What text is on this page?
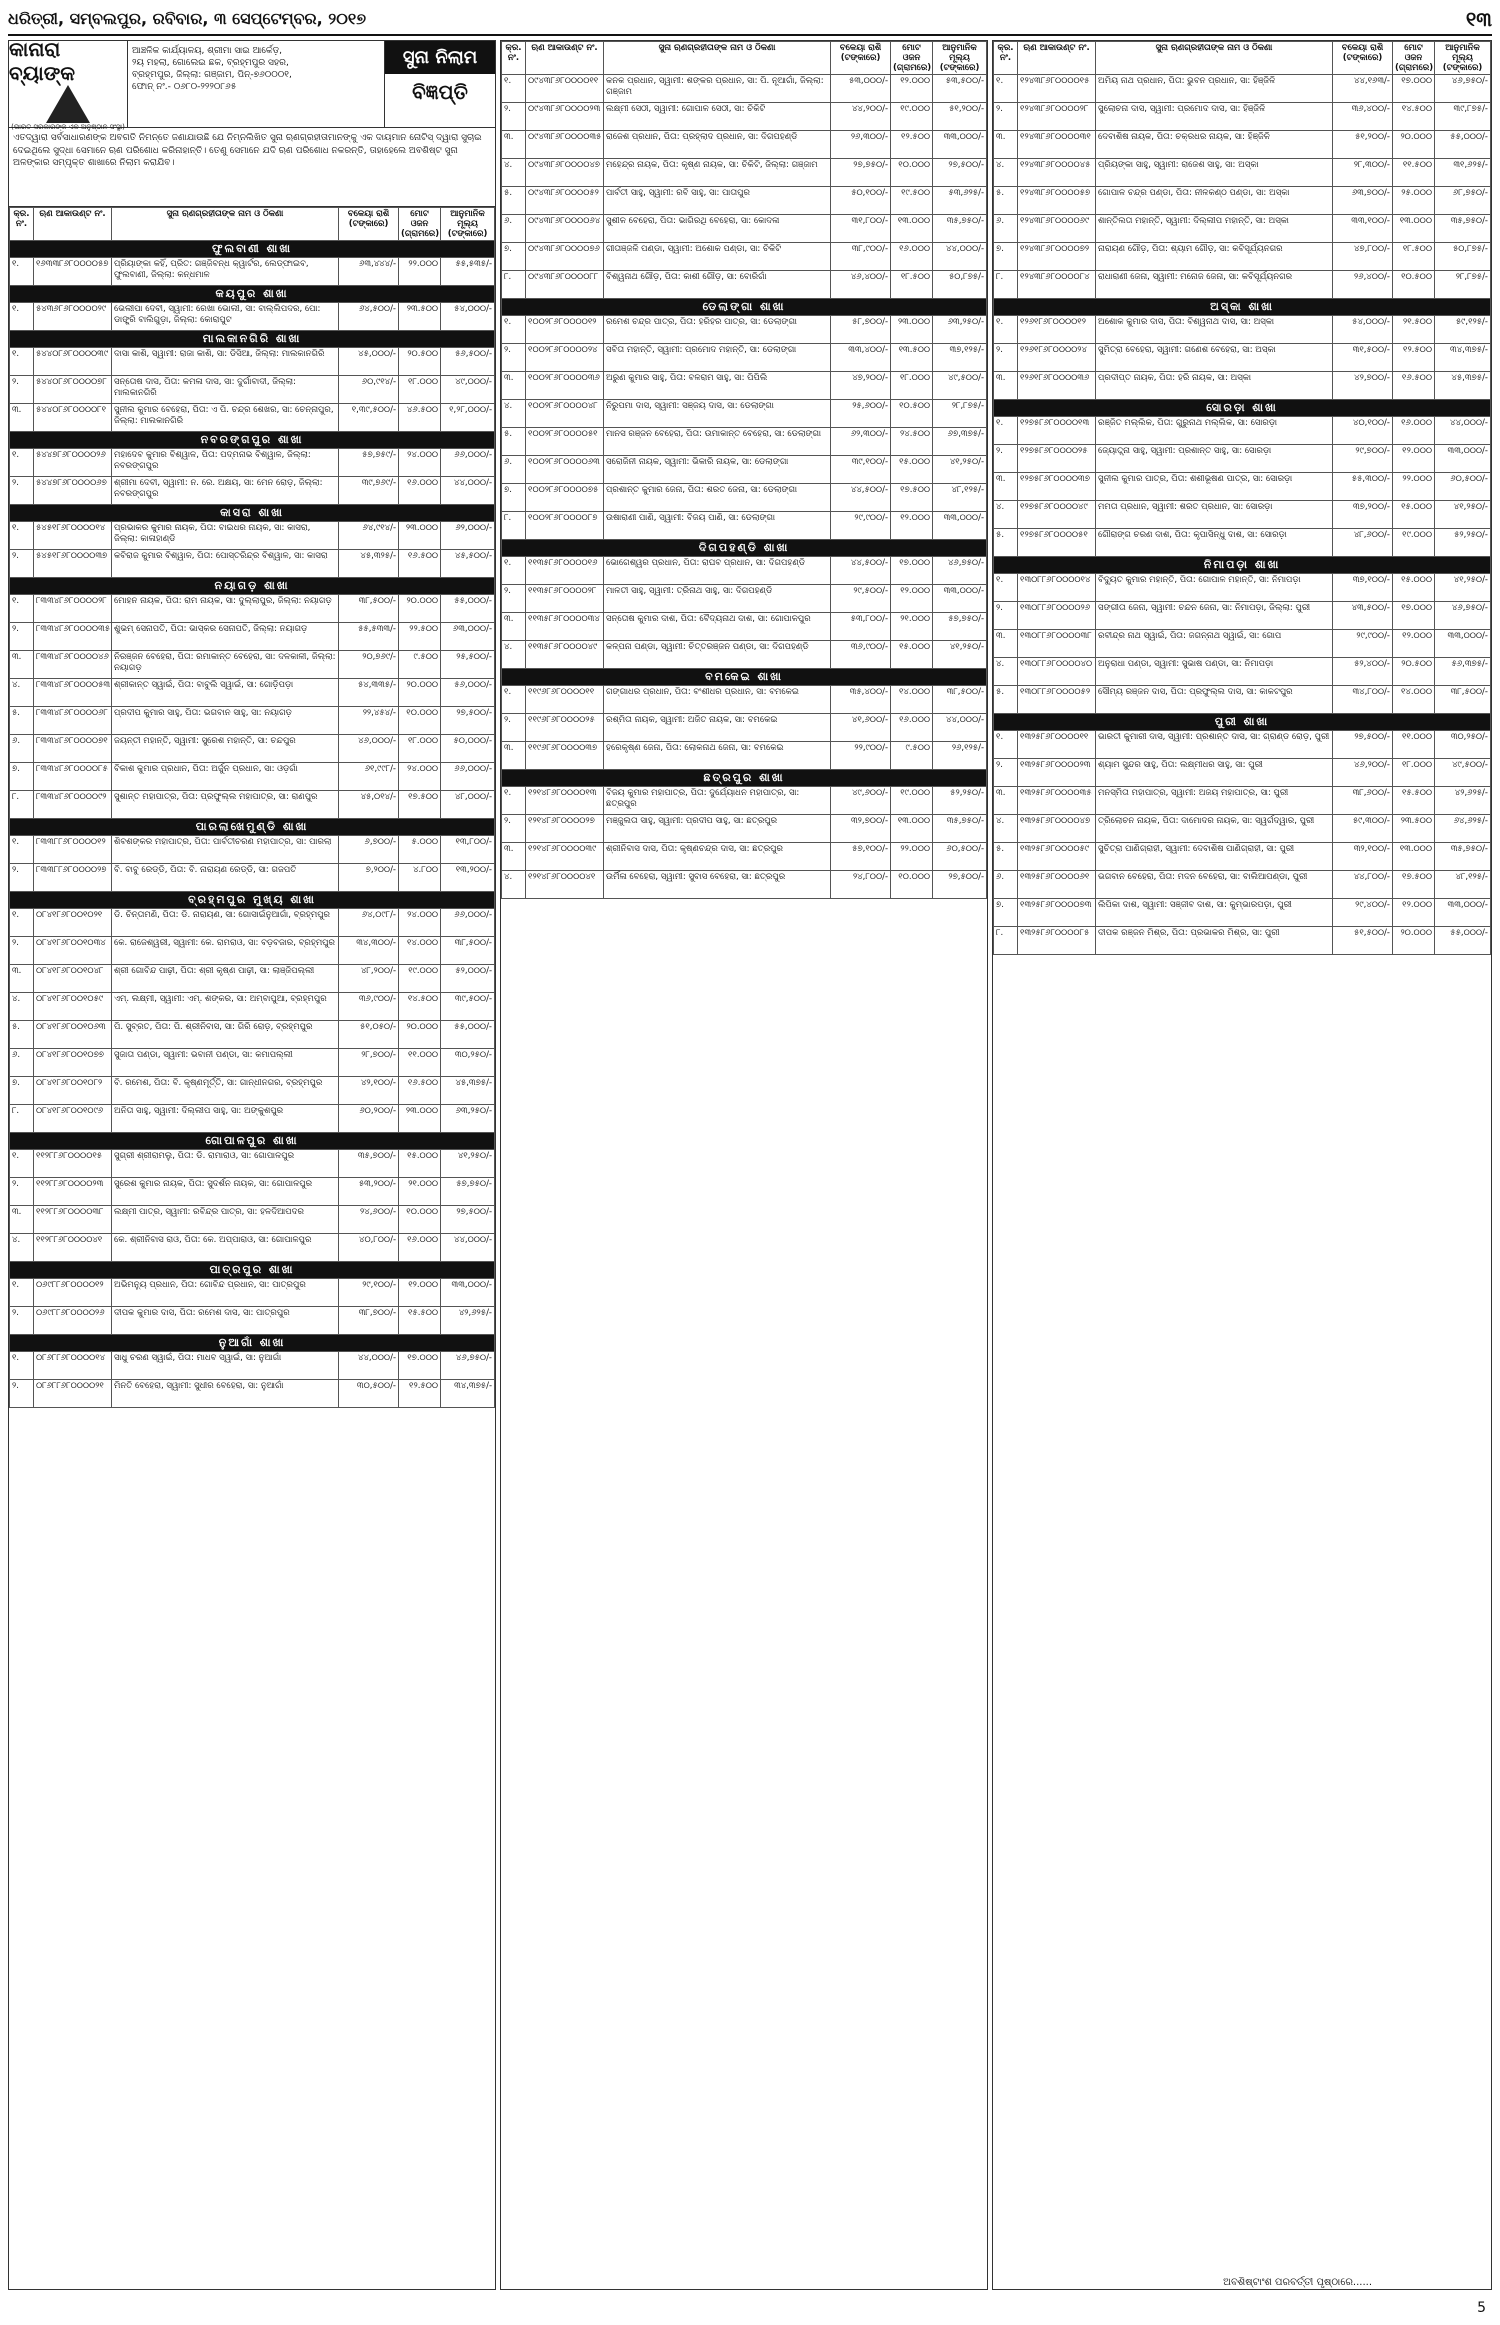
ଧରିତ୍ରୀ, ସମ୍ବଲପୁର, ରବିବାର, ୩ ସେପ୍ଟେମ୍ବର, ୨୦୧୭	୧୩
କାନାରା ବ୍ୟାଙ୍କ
(ଭାରତ ସରକାରଙ୍କ ଏକ ଅନୁଷ୍ଠାନ ସଂସ୍ଥା)
ଆଞ୍ଚଳିକ କାର୍ଯ୍ୟାଳୟ, ଶ୍ରୀମା ସାଇ ଆର୍କେଡ଼,
୨ୟ ମହଲା, ଗୋଲେଇ ଛକ, ବ୍ରହ୍ମପୁର ସହର,
ବ୍ରହ୍ମପୁର, ଜିଲ୍ଲା: ଗଞ୍ଜାମ, ପିନ୍-୭୬୦୦୦୧,
ଫୋନ୍ ନଂ.- ୦୬୮୦-୨୨୨୦୮୬୫
ସୁନା ନିଲାମ
ବିଜ୍ଞପ୍ତି
ଏତଦ୍ୱାରା ସର୍ବସାଧାରଣଙ୍କ ଅବଗତି ନିମନ୍ତେ ଜଣାଯାଉଛି ଯେ ନିମ୍ନଲିଖିତ ସୁନା ଋଣଗ୍ରହୀତାମାନଙ୍କୁ ଏକ ଦାୟମାନ ନୋଟିସ୍ ଦ୍ୱାରା ସୁଚାଇ ଦେଇଥିଲେ ସୁଦ୍ଧା ସେମାନେ ଋଣ ପରିଶୋଧ କରିନାହାନ୍ତି। ତେଣୁ ସେମାନେ ଯଦି ଋଣ ପରିଶୋଧ ନକରନ୍ତି, ତାହାହେଲେ ଅବଶିଷ୍ଟ ସୁନା ଅଳଙ୍କାର ସମ୍ପୃକ୍ତ ଶାଖାରେ ନିଲାମ କରାଯିବ।
କ୍ର. ନଂ.	ଋଣ ଆକାଉଣ୍ଟ ନଂ.	ସୁନା ଋଣଗ୍ରହୀତାଙ୍କ ନାମ ଓ ଠିକଣା	ବକେୟା ରାଶି (ଟଙ୍କାରେ)	ମୋଟ ଓଜନ (ଗ୍ରାମରେ)	ଆନୁମାନିକ ମୂଲ୍ୟ (ଟଙ୍କାରେ)
ଫୁଲବାଣୀ ଶାଖା					
୧.	୧୬୩୩୮୬୮୦୦୦୦୫୭	ପ୍ରିୟାଙ୍କା କହିଁ, ପ୍ରିତ: ଗଞ୍ଜିବନ୍ଧ କ୍ୱାର୍ଟର, ଲେଡ୍‌ଫାଇବ, ଫୁଲବାଣୀ, ଜିଲ୍ଲା: କନ୍ଧମାଳ	୬୩,୪୪୪/-	୨୨.୦୦୦	୫୫,୫୩୫/-
କୟପୁର ଶାଖା					
୧.	୫୪୩୬୮୬୮୦୦୦୦୨୯	ଭେଲୀପା ଦେବୀ, ସ୍ୱାମୀ: ରେଖା ଭୋଲୀ, ସା: ବାଲ୍ଲିପଦର, ପୋ: ଡାଙ୍ଗ୍ରି ବାଲିଗୁଡ଼ା, ଜିଲ୍ଲା: କୋରାପୁଟ	୬୪,୫୦୦/-	୨୩.୫୦୦	୫୪,୦୦୦/-
ମାଲକାନଗିରି ଶାଖା					
୧.	୫୪୪୦୮୬୮୦୦୦୦୩୯	ଦାସା କାଶି, ସ୍ୱାମୀ: ରାଜା କାଶି, ସା: ଡିସିଆ, ଜିଲ୍ଲା: ମାଲକାନଗିରି	୪୫,୦୦୦/-	୨୦.୫୦୦	୫୬,୫୦୦/-
୨.	୫୪୪୦୮୬୮୦୦୦୦୭୮	ସନ୍ତୋଷ ଦାସ, ପିତା: କମଳା ଦାସ, ସା: ଦୁର୍ଗାବାଦୀ, ଜିଲ୍ଲା: ମାଲକାନଗିରି	୬୦,୯୧୪/-	୧୮.୦୦୦	୪୯,୦୦୦/-
୩.	୫୪୪୦୮୬୮୦୦୦୦୮୧	ସୁନୀଲ କୁମାର ବେହେରା, ପିତା: ଏ ପି. ଚନ୍ଦ୍ର ଶେଖର, ସା: ଚେନ୍ନାପୁର, ଜିଲ୍ଲା: ମାଲକାନଗିରି	୧,୩୯,୫୦୦/-	୪୬.୫୦୦	୧,୨୮,୦୦୦/-
ନବରଙ୍ଗପୁର ଶାଖା					
୧.	୫୪୪୭୮୬୮୦୦୦୦୨୬	ମହାଦେବ କୁମାର ବିଶ୍ୱାଳ, ପିତା: ପଦ୍ମନାଭ ବିଶ୍ୱାଳ, ଜିଲ୍ଲା: ନବରଙ୍ଗପୁର	୫୭,୭୫୯/-	୨୪.୦୦୦	୬୬,୦୦୦/-
୨.	୫୪୪୭୮୬୮୦୦୦୦୬୭	ଶ୍ରୀମା ଦେବୀ, ସ୍ୱାମୀ: ନ. ରେ. ଅକ୍ଷୟ, ସା: ମେନ ରୋଡ଼, ଜିଲ୍ଲା: ନବରଙ୍ଗପୁର	୩୯,୭୬୯/-	୧୬.୦୦୦	୪୪,୦୦୦/-
କାସରା ଶାଖା					
୧.	୫୪୫୧୮୬୮୦୦୦୦୧୪	ପ୍ରଭାକର କୁମାର ନାୟକ, ପିତା: ବାଇଧର ନାୟକ, ସା: କାସରା, ଜିଲ୍ଲା: କାଳାହାଣ୍ଡି	୬୪,୯୧୪/-	୨୩.୦୦୦	୬୨,୦୦୦/-
୨.	୫୪୫୧୮୬୮୦୦୦୦୩୭	କବିରାଜ କୁମାର ବିଶ୍ୱାଳ, ପିତା: ପୋସ୍ତରିନ୍ଦ୍ର ବିଶ୍ୱାଳ, ସା: କାସରା	୪୫,୩୨୫/-	୧୬.୫୦୦	୪୫,୫୦୦/-
ନୟାଗଡ଼ ଶାଖା					
୧.	୮୩୩୪୮୬୮୦୦୦୦୨୮	ମୋହନ ନାୟକ, ପିତା: ରାମ ନାୟକ, ସା: ଦୁଲ୍ଲାପୁର, ଜିଲ୍ଲା: ନୟାଗଡ଼	୩୮,୫୦୦/-	୨୦.୦୦୦	୫୫,୦୦୦/-
୨.	୮୩୩୪୮୬୮୦୦୦୦୩୫	ଶୁଭମ୍ ସେନାପତି, ପିତା: ଭାସ୍କର ସେନାପତି, ଜିଲ୍ଲା: ନୟାଗଡ଼	୫୫,୫୩୩/-	୨୨.୫୦୦	୬୩,୦୦୦/-
୩.	୮୩୩୪୮୬୮୦୦୦୦୪୬	ନିରଞ୍ଜନ ବେହେରା, ପିତା: ରମାକାନ୍ତ ବେହେରା, ସା: ଦଳକାଳୀ, ଜିଲ୍ଲା: ନୟାଗଡ଼	୨୦,୭୬୯/-	୯.୫୦୦	୨୫,୫୦୦/-
୪.	୮୩୩୪୮୬୮୦୦୦୦୫୩	ଶ୍ରୀକାନ୍ତ ସ୍ୱାଇଁ, ପିତା: ବାବୁଲି ସ୍ୱାଇଁ, ସା: ଗୋଡ଼ିପଡ଼ା	୫୪,୩୩୫/-	୨୦.୦୦୦	୫୬,୦୦୦/-
୫.	୮୩୩୪୮୬୮୦୦୦୦୬୮	ପ୍ରଦୀପ କୁମାର ସାହୁ, ପିତା: ଭଗବାନ ସାହୁ, ସା: ନୟାଗଡ଼	୨୨,୪୫୪/-	୧୦.୦୦୦	୨୭,୫୦୦/-
୬.	୮୩୩୪୮୬୮୦୦୦୦୭୧	ଜୟନ୍ତୀ ମହାନ୍ତି, ସ୍ୱାମୀ: ସୁରେଶ ମହାନ୍ତି, ସା: ଚନ୍ଦପୁର	୪୬,୦୦୦/-	୧୮.୦୦୦	୫୦,୦୦୦/-
୭.	୮୩୩୪୮୬୮୦୦୦୦୮୫	ବିକାଶ କୁମାର ପ୍ରଧାନ, ପିତା: ଅର୍ଜୁନ ପ୍ରଧାନ, ସା: ଓଡ଼ଗାଁ	୬୧,୯୯୮/-	୨୪.୦୦୦	୬୬,୦୦୦/-
୮.	୮୩୩୪୮୬୮୦୦୦୦୯୨	ସୁଶାନ୍ତ ମହାପାତ୍ର, ପିତା: ପ୍ରଫୁଲ୍ଲ ମହାପାତ୍ର, ସା: ରାଣପୁର	୪୫,୦୧୪/-	୧୭.୫୦୦	୪୮,୦୦୦/-
ପାରଲାଖେମୁଣ୍ଡି ଶାଖା					
୧.	୮୩୩୮୮୬୮୦୦୦୦୧୨	ଶିବଶଙ୍କର ମହାପାତ୍ର, ପିତା: ପାର୍ବତୀଚରଣ ମହାପାତ୍ର, ସା: ପାରଲା	୬,୭୦୦/-	୫.୦୦୦	୧୩,୮୦୦/-
୨.	୮୩୩୮୮୬୮୦୦୦୦୨୭	ବି. ବାବୁ ରେଡ୍ଡି, ପିତା: ବି. ନାରାୟଣ ରେଡ୍ଡି, ସା: ଗଜପତି	୭,୨୦୦/-	୪.୮୦୦	୧୩,୨୦୦/-
ବ୍ରହ୍ମପୁର ମୁଖ୍ୟ ଶାଖା					
୧.	୦୮୪୧୮୬୮୦୦୧୦୨୧	ଡି. ଚିନ୍ତାମଣି, ପିତା: ଡି. ନାରାୟଣ, ସା: ଗୋସାଇଁନୁଆଗାଁ, ବ୍ରହ୍ମପୁର	୬୪,୦୯୮/-	୨୪.୦୦୦	୬୬,୦୦୦/-
୨.	୦୮୪୧୮୬୮୦୦୧୦୩୪	କେ. ରାଜେଶ୍ୱରୀ, ସ୍ୱାମୀ: କେ. ରାମରାଓ, ସା: ବଡ଼ବଜାର, ବ୍ରହ୍ମପୁର	୩୪,୩୦୦/-	୧୪.୦୦୦	୩୮,୫୦୦/-
୩.	୦୮୪୧୮୬୮୦୦୧୦୪୮	ଶ୍ରୀ ଗୋବିନ୍ଦ ପାଢ଼ୀ, ପିତା: ଶ୍ରୀ କୃଷ୍ଣ ପାଢ଼ୀ, ସା: ଲାଞ୍ଜିପଲ୍ଲୀ	୪୮,୨୦୦/-	୧୯.୦୦୦	୫୨,୦୦୦/-
୪.	୦୮୪୧୮୬୮୦୦୧୦୫୯	ଏମ୍. ଲକ୍ଷ୍ମୀ, ସ୍ୱାମୀ: ଏମ୍. ଶଙ୍କର, ସା: ଅମ୍ବାପୁଆ, ବ୍ରହ୍ମପୁର	୩୬,୯୦୦/-	୧୪.୫୦୦	୩୯,୫୦୦/-
୫.	୦୮୪୧୮୬୮୦୦୧୦୬୩	ପି. ସୁବ୍ରତ, ପିତା: ପି. ଶ୍ରୀନିବାସ, ସା: ଗିରି ରୋଡ଼, ବ୍ରହ୍ମପୁର	୫୧,୦୫୦/-	୨୦.୦୦୦	୫୫,୦୦୦/-
୬.	୦୮୪୧୮୬୮୦୦୧୦୭୭	ସୁଜାତା ପଣ୍ଡା, ସ୍ୱାମୀ: ଭବାନୀ ପଣ୍ଡା, ସା: କମାପଲ୍ଲୀ	୨୮,୭୦୦/-	୧୧.୦୦୦	୩୦,୨୫୦/-
୭.	୦୮୪୧୮୬୮୦୦୧୦୮୨	ବି. ରମେଶ, ପିତା: ବି. କୃଷ୍ଣମୂର୍ତ୍ତି, ସା: ଗାନ୍ଧୀନଗର, ବ୍ରହ୍ମପୁର	୪୨,୧୦୦/-	୧୬.୫୦୦	୪୫,୩୭୫/-
୮.	୦୮୪୧୮୬୮୦୦୧୦୯୬	ଅନିତା ସାହୁ, ସ୍ୱାମୀ: ଦିଲ୍ଲୀପ ସାହୁ, ସା: ଅଙ୍କୁଶପୁର	୬୦,୨୦୦/-	୨୩.୦୦୦	୬୩,୨୫୦/-
ଗୋପାଳପୁର ଶାଖା					
୧.	୧୧୨୮୮୬୮୦୦୦୦୧୫	ସୁଗ୍ରୀ ଶ୍ରୀରାମଲୁ, ପିତା: ଡି. ରାମାରାଓ, ସା: ଗୋପାଳପୁର	୩୫,୭୦୦/-	୧୫.୦୦୦	୪୧,୨୫୦/-
୨.	୧୧୨୮୮୬୮୦୦୦୦୨୩	ସୁରେଶ କୁମାର ନାୟକ, ପିତା: ସୁଦର୍ଶନ ନାୟକ, ସା: ଗୋପାଳପୁର	୫୩,୨୦୦/-	୨୧.୦୦୦	୫୭,୭୫୦/-
୩.	୧୧୨୮୮୬୮୦୦୦୦୩୮	ଲକ୍ଷ୍ମୀ ପାତ୍ର, ସ୍ୱାମୀ: ରବିନ୍ଦ୍ର ପାତ୍ର, ସା: ହଳଦିଆପଦର	୨୪,୬୦୦/-	୧୦.୦୦୦	୨୭,୫୦୦/-
୪.	୧୧୨୮୮୬୮୦୦୦୦୪୧	କେ. ଶ୍ରୀନିବାସ ରାଓ, ପିତା: କେ. ଅପ୍ପାରାଓ, ସା: ଗୋପାଳପୁର	୪୦,୮୦୦/-	୧୬.୦୦୦	୪୪,୦୦୦/-
ପାତ୍ରପୁର ଶାଖା					
୧.	୦୬୯୮୮୬୮୦୦୦୦୧୨	ଅଭିମନ୍ୟୁ ପ୍ରଧାନ, ପିତା: ଗୋବିନ୍ଦ ପ୍ରଧାନ, ସା: ପାତ୍ରପୁର	୨୯,୧୦୦/-	୧୨.୦୦୦	୩୩,୦୦୦/-
୨.	୦୬୯୮୮୬୮୦୦୦୦୨୬	ଦୀପକ କୁମାର ଦାସ, ପିତା: ରମେଶ ଦାସ, ସା: ପାତ୍ରପୁର	୩୮,୭୦୦/-	୧୫.୫୦୦	୪୨,୬୨୫/-
ନୁଆଗାଁ ଶାଖା					
୧.	୦୮୬୮୮୬୮୦୦୦୦୧୪	ସାଧୁ ଚରଣ ସ୍ୱାଇଁ, ପିତା: ମାଧବ ସ୍ୱାଇଁ, ସା: ନୁଆଗାଁ	୪୪,୦୦୦/-	୧୭.୦୦୦	୪୬,୭୫୦/-
୨.	୦୮୬୮୮୬୮୦୦୦୦୨୧	ମିନତି ବେହେରା, ସ୍ୱାମୀ: ସୁଧୀର ବେହେରା, ସା: ନୁଆଗାଁ	୩୦,୫୦୦/-	୧୨.୫୦୦	୩୪,୩୭୫/-
କ୍ର. ନଂ.	ଋଣ ଆକାଉଣ୍ଟ ନଂ.	ସୁନା ଋଣଗ୍ରହୀତାଙ୍କ ନାମ ଓ ଠିକଣା	ବକେୟା ରାଶି (ଟଙ୍କାରେ)	ମୋଟ ଓଜନ (ଗ୍ରାମରେ)	ଆନୁମାନିକ ମୂଲ୍ୟ (ଟଙ୍କାରେ)
୧.	୦୯୪୩୮୬୮୦୦୦୦୧୧	କନକ ପ୍ରଧାନ, ସ୍ୱାମୀ: ଶଙ୍କର ପ୍ରଧାନ, ସା: ପି. ନୂଆଗାଁ, ଜିଲ୍ଲା: ଗଞ୍ଜାମ	୫୩,୦୦୦/-	୧୨.୦୦୦	୫୩,୫୦୦/-
୨.	୦୯୪୩୮୬୮୦୦୦୦୨୩	ଲକ୍ଷ୍ମୀ ସେଠୀ, ସ୍ୱାମୀ: ଗୋପାଳ ସେଠୀ, ସା: ଚିକିଟି	୪୪,୨୦୦/-	୧୯.୦୦୦	୫୧,୨୦୦/-
୩.	୦୯୪୩୮୬୮୦୦୦୦୩୫	ରାଜେଶ ପ୍ରଧାନ, ପିତା: ପ୍ରହ୍ଲାଦ ପ୍ରଧାନ, ସା: ଦିଗପହଣ୍ଡି	୨୬,୩୦୦/-	୧୨.୫୦୦	୩୩,୦୦୦/-
୪.	୦୯୪୩୮୬୮୦୦୦୦୪୭	ମହେନ୍ଦ୍ର ନାୟକ, ପିତା: କୃଷ୍ଣ ନାୟକ, ସା: ଚିକିଟି, ଜିଲ୍ଲା: ଗଞ୍ଜାମ	୨୭,୭୫୦/-	୧୦.୦୦୦	୨୭,୫୦୦/-
୫.	୦୯୪୩୮୬୮୦୦୦୦୫୨	ପାର୍ବତୀ ସାହୁ, ସ୍ୱାମୀ: ରବି ସାହୁ, ସା: ପାତାପୁର	୫୦,୧୦୦/-	୧୯.୫୦୦	୫୩,୬୨୫/-
୬.	୦୯୪୩୮୬୮୦୦୦୦୬୪	ସୁଶୀଳ ବେହେରା, ପିତା: ଭାଗିରଥି ବେହେରା, ସା: କୋଦଳା	୩୧,୮୦୦/-	୧୩.୦୦୦	୩୫,୭୫୦/-
୭.	୦୯୪୩୮୬୮୦୦୦୦୭୬	ଗୀତାଞ୍ଜଳି ପଣ୍ଡା, ସ୍ୱାମୀ: ଅଶୋକ ପଣ୍ଡା, ସା: ଚିକିଟି	୩୮,୯୦୦/-	୧୬.୦୦୦	୪୪,୦୦୦/-
୮.	୦୯୪୩୮୬୮୦୦୦୦୮୮	ବିଶ୍ୱନାଥ ଗୌଡ଼, ପିତା: କାଶୀ ଗୌଡ଼, ସା: ବୋରିଗାଁ	୪୬,୪୦୦/-	୧୮.୫୦୦	୫୦,୮୭୫/-
ଡେଲାଙ୍ଗା ଶାଖା					
୧.	୧୦୦୨୮୬୮୦୦୦୦୧୨	ରମେଶ ଚନ୍ଦ୍ର ପାତ୍ର, ପିତା: ହରିହର ପାତ୍ର, ସା: ଡେଲାଙ୍ଗା	୫୮,୭୦୦/-	୨୩.୦୦୦	୬୩,୨୫୦/-
୨.	୧୦୦୨୮୬୮୦୦୦୦୨୪	ସବିତା ମହାନ୍ତି, ସ୍ୱାମୀ: ପ୍ରମୋଦ ମହାନ୍ତି, ସା: ଡେଲାଙ୍ଗା	୩୩,୪୦୦/-	୧୩.୫୦୦	୩୭,୧୨୫/-
୩.	୧୦୦୨୮୬୮୦୦୦୦୩୬	ଅରୁଣ କୁମାର ସାହୁ, ପିତା: ବଳରାମ ସାହୁ, ସା: ପିପିଲି	୪୭,୨୦୦/-	୧୮.୦୦୦	୪୯,୫୦୦/-
୪.	୧୦୦୨୮୬୮୦୦୦୦୪୮	ନିରୁପମା ଦାସ, ସ୍ୱାମୀ: ସଞ୍ଜୟ ଦାସ, ସା: ଡେଲାଙ୍ଗା	୨୫,୬୦୦/-	୧୦.୫୦୦	୨୮,୮୭୫/-
୫.	୧୦୦୨୮୬୮୦୦୦୦୫୧	ମାନସ ରଞ୍ଜନ ବେହେରା, ପିତା: ଉମାକାନ୍ତ ବେହେରା, ସା: ଡେଲାଙ୍ଗା	୬୨,୩୦୦/-	୨୪.୫୦୦	୬୭,୩୭୫/-
୬.	୧୦୦୨୮୬୮୦୦୦୦୬୩	ସରୋଜିନୀ ନାୟକ, ସ୍ୱାମୀ: ଭିକାରି ନାୟକ, ସା: ଡେଲାଙ୍ଗା	୩୯,୧୦୦/-	୧୫.୦୦୦	୪୧,୨୫୦/-
୭.	୧୦୦୨୮୬୮୦୦୦୦୭୫	ପ୍ରଶାନ୍ତ କୁମାର ଜେନା, ପିତା: ଶରତ ଜେନା, ସା: ଡେଲାଙ୍ଗା	୪୪,୫୦୦/-	୧୭.୫୦୦	୪୮,୧୨୫/-
୮.	୧୦୦୨୮୬୮୦୦୦୦୮୭	ଉଷାରାଣୀ ପାଣି, ସ୍ୱାମୀ: ବିଜୟ ପାଣି, ସା: ଡେଲାଙ୍ଗା	୨୯,୯୦୦/-	୧୨.୦୦୦	୩୩,୦୦୦/-
ଦିଗପହଣ୍ଡି ଶାଖା					
୧.	୧୧୩୫୮୬୮୦୦୦୦୧୬	ଭୋଗେଶ୍ୱର ପ୍ରଧାନ, ପିତା: ରାଘବ ପ୍ରଧାନ, ସା: ଦିଗପହଣ୍ଡି	୪୪,୫୦୦/-	୧୭.୦୦୦	୪୬,୭୫୦/-
୨.	୧୧୩୫୮୬୮୦୦୦୦୨୮	ମାଳତୀ ସାହୁ, ସ୍ୱାମୀ: ତ୍ରିନାଥ ସାହୁ, ସା: ଦିଗପହଣ୍ଡି	୨୯,୫୦୦/-	୧୨.୦୦୦	୩୩,୦୦୦/-
୩.	୧୧୩୫୮୬୮୦୦୦୦୩୪	ସନ୍ତୋଷ କୁମାର ଦାଶ, ପିତା: ବୈଦ୍ୟନାଥ ଦାଶ, ସା: ଗୋପାଳପୁର	୫୩,୮୦୦/-	୨୧.୦୦୦	୫୭,୭୫୦/-
୪.	୧୧୩୫୮୬୮୦୦୦୦୪୯	କଳ୍ପନା ପଣ୍ଡା, ସ୍ୱାମୀ: ଚିତ୍ତରଞ୍ଜନ ପଣ୍ଡା, ସା: ଦିଗପହଣ୍ଡି	୩୬,୯୦୦/-	୧୫.୦୦୦	୪୧,୨୫୦/-
ବମକେଇ ଶାଖା					
୧.	୧୧୯୬୮୬୮୦୦୦୦୧୧	ଗଙ୍ଗାଧର ପ୍ରଧାନ, ପିତା: ବଂଶୀଧର ପ୍ରଧାନ, ସା: ବମକେଇ	୩୫,୪୦୦/-	୧୪.୦୦୦	୩୮,୫୦୦/-
୨.	୧୧୯୬୮୬୮୦୦୦୦୨୫	ରଶ୍ମିତା ନାୟକ, ସ୍ୱାମୀ: ଅଜିତ ନାୟକ, ସା: ବମକେଇ	୪୧,୬୦୦/-	୧୬.୦୦୦	୪୪,୦୦୦/-
୩.	୧୧୯୬୮୬୮୦୦୦୦୩୭	ହରେକୃଷ୍ଣ ଜେନା, ପିତା: ଲୋକନାଥ ଜେନା, ସା: ବମକେଇ	୨୨,୯୦୦/-	୯.୫୦୦	୨୬,୧୨୫/-
ଛତ୍ରପୁର ଶାଖା					
୧.	୧୨୧୪୮୬୮୦୦୦୦୧୩	ବିଜୟ କୁମାର ମହାପାତ୍ର, ପିତା: ଦୁର୍ଯ୍ୟୋଧନ ମହାପାତ୍ର, ସା: ଛତ୍ରପୁର	୪୯,୬୦୦/-	୧୯.୦୦୦	୫୨,୨୫୦/-
୨.	୧୨୧୪୮୬୮୦୦୦୦୨୭	ମଞ୍ଜୁଲତା ସାହୁ, ସ୍ୱାମୀ: ପ୍ରଦୀପ ସାହୁ, ସା: ଛତ୍ରପୁର	୩୨,୭୦୦/-	୧୩.୦୦୦	୩୫,୭୫୦/-
୩.	୧୨୧୪୮୬୮୦୦୦୦୩୯	ଶ୍ରୀନିବାସ ଦାସ, ପିତା: କୃଷ୍ଣଚନ୍ଦ୍ର ଦାସ, ସା: ଛତ୍ରପୁର	୫୭,୧୦୦/-	୨୨.୦୦୦	୬୦,୫୦୦/-
୪.	୧୨୧୪୮୬୮୦୦୦୦୪୧	ଉର୍ମିଳା ବେହେରା, ସ୍ୱାମୀ: ସୁବାସ ବେହେରା, ସା: ଛତ୍ରପୁର	୨୪,୮୦୦/-	୧୦.୦୦୦	୨୭,୫୦୦/-
କ୍ର. ନଂ.	ଋଣ ଆକାଉଣ୍ଟ ନଂ.	ସୁନା ଋଣଗ୍ରହୀତାଙ୍କ ନାମ ଓ ଠିକଣା	ବକେୟା ରାଶି (ଟଙ୍କାରେ)	ମୋଟ ଓଜନ (ଗ୍ରାମରେ)	ଆନୁମାନିକ ମୂଲ୍ୟ (ଟଙ୍କାରେ)
୧.	୧୨୪୩୮୬୮୦୦୦୦୧୫	ଅମିୟ ନାଥ ପ୍ରଧାନ, ପିତା: ଭୁବନ ପ୍ରଧାନ, ସା: ହିଞ୍ଜିଳି	୪୪,୧୬୩/-	୧୭.୦୦୦	୪୬,୭୫୦/-
୨.	୧୨୪୩୮୬୮୦୦୦୦୨୮	ସୁଲୋଚନା ଦାସ, ସ୍ୱାମୀ: ପ୍ରମୋଦ ଦାସ, ସା: ହିଞ୍ଜିଳି	୩୬,୪୦୦/-	୧୪.୫୦୦	୩୯,୮୭୫/-
୩.	୧୨୪୩୮୬୮୦୦୦୦୩୧	ଦେବାଶିଷ ନାୟକ, ପିତା: ଚକ୍ରଧର ନାୟକ, ସା: ହିଞ୍ଜିଳି	୫୧,୨୦୦/-	୨୦.୦୦୦	୫୫,୦୦୦/-
୪.	୧୨୪୩୮୬୮୦୦୦୦୪୫	ପ୍ରିୟଙ୍କା ସାହୁ, ସ୍ୱାମୀ: ରାଜେଶ ସାହୁ, ସା: ଅସ୍କା	୨୮,୩୦୦/-	୧୧.୫୦୦	୩୧,୬୨୫/-
୫.	୧୨୪୩୮୬୮୦୦୦୦୫୭	ଗୋପାଳ ଚନ୍ଦ୍ର ପଣ୍ଡା, ପିତା: ନୀଳକଣ୍ଠ ପଣ୍ଡା, ସା: ଅସ୍କା	୬୩,୭୦୦/-	୨୫.୦୦୦	୬୮,୭୫୦/-
୬.	୧୨୪୩୮୬୮୦୦୦୦୬୯	ଶାନ୍ତିଲତା ମହାନ୍ତି, ସ୍ୱାମୀ: ଦିଲ୍ଲୀପ ମହାନ୍ତି, ସା: ଅସ୍କା	୩୩,୧୦୦/-	୧୩.୦୦୦	୩୫,୭୫୦/-
୭.	୧୨୪୩୮୬୮୦୦୦୦୭୨	ନାରାୟଣ ଗୌଡ଼, ପିତା: ଶ୍ୟାମ ଗୌଡ଼, ସା: କବିସୂର୍ଯ୍ୟନଗର	୪୭,୮୦୦/-	୧୮.୫୦୦	୫୦,୮୭୫/-
୮.	୧୨୪୩୮୬୮୦୦୦୦୮୪	ରାଧାରାଣୀ ଜେନା, ସ୍ୱାମୀ: ମନୋଜ ଜେନା, ସା: କବିସୂର୍ଯ୍ୟନଗର	୨୬,୪୦୦/-	୧୦.୫୦୦	୨୮,୮୭୫/-
ଅସ୍କା ଶାଖା					
୧.	୧୨୬୧୮୬୮୦୦୦୦୧୨	ଅଶୋକ କୁମାର ଦାସ, ପିତା: ବିଶ୍ୱନାଥ ଦାସ, ସା: ଅସ୍କା	୫୪,୦୦୦/-	୨୧.୫୦୦	୫୯,୧୨୫/-
୨.	୧୨୬୧୮୬୮୦୦୦୦୨୪	ସୁମିତ୍ରା ବେହେରା, ସ୍ୱାମୀ: ଗଣେଶ ବେହେରା, ସା: ଅସ୍କା	୩୧,୫୦୦/-	୧୨.୫୦୦	୩୪,୩୭୫/-
୩.	୧୨୬୧୮୬୮୦୦୦୦୩୬	ପ୍ରଦୀପ୍ତ ନାୟକ, ପିତା: ହରି ନାୟକ, ସା: ଅସ୍କା	୪୨,୭୦୦/-	୧୬.୫୦୦	୪୫,୩୭୫/-
ସୋରଡ଼ା ଶାଖା					
୧.	୧୨୭୫୮୬୮୦୦୦୦୧୩	ରଞ୍ଜିତ ମଲ୍ଲିକ, ପିତା: ଗୁରୁନାଥ ମଲ୍ଲିକ, ସା: ସୋରଡ଼ା	୪୦,୧୦୦/-	୧୬.୦୦୦	୪୪,୦୦୦/-
୨.	୧୨୭୫୮୬୮୦୦୦୦୨୫	ଜ୍ୟୋତ୍ସ୍ନା ସାହୁ, ସ୍ୱାମୀ: ପ୍ରଶାନ୍ତ ସାହୁ, ସା: ସୋରଡ଼ା	୨୯,୭୦୦/-	୧୨.୦୦୦	୩୩,୦୦୦/-
୩.	୧୨୭୫୮୬୮୦୦୦୦୩୭	ସୁନୀଲ କୁମାର ପାତ୍ର, ପିତା: ଶଶୀଭୂଷଣ ପାତ୍ର, ସା: ସୋରଡ଼ା	୫୫,୩୦୦/-	୨୨.୦୦୦	୬୦,୫୦୦/-
୪.	୧୨୭୫୮୬୮୦୦୦୦୪୯	ମମତା ପ୍ରଧାନ, ସ୍ୱାମୀ: ଶରତ ପ୍ରଧାନ, ସା: ସୋରଡ଼ା	୩୭,୨୦୦/-	୧୫.୦୦୦	୪୧,୨୫୦/-
୫.	୧୨୭୫୮୬୮୦୦୦୦୫୧	ଗୌରାଙ୍ଗ ଚରଣ ଦାଶ, ପିତା: କୃପାସିନ୍ଧୁ ଦାଶ, ସା: ସୋରଡ଼ା	୪୮,୬୦୦/-	୧୯.୦୦୦	୫୨,୨୫୦/-
ନିମାପଡ଼ା ଶାଖା					
୧.	୧୩୦୮୮୬୮୦୦୦୦୧୪	ବିଦ୍ୟୁତ କୁମାର ମହାନ୍ତି, ପିତା: ଗୋପାଳ ମହାନ୍ତି, ସା: ନିମାପଡ଼ା	୩୭,୧୦୦/-	୧୫.୦୦୦	୪୧,୨୫୦/-
୨.	୧୩୦୮୮୬୮୦୦୦୦୨୬	ସଙ୍ଗୀତା ଜେନା, ସ୍ୱାମୀ: ଚନ୍ଦନ ଜେନା, ସା: ନିମାପଡ଼ା, ଜିଲ୍ଲା: ପୁରୀ	୪୩,୫୦୦/-	୧୭.୦୦୦	୪୬,୭୫୦/-
୩.	୧୩୦୮୮୬୮୦୦୦୦୩୮	ରବୀନ୍ଦ୍ର ନାଥ ସ୍ୱାଇଁ, ପିତା: ଜଗନ୍ନାଥ ସ୍ୱାଇଁ, ସା: ଗୋପ	୨୯,୯୦୦/-	୧୨.୦୦୦	୩୩,୦୦୦/-
୪.	୧୩୦୮୮୬୮୦୦୦୦୪୦	ଅନୁରାଧା ପଣ୍ଡା, ସ୍ୱାମୀ: ସୁଭାଷ ପଣ୍ଡା, ସା: ନିମାପଡ଼ା	୫୨,୪୦୦/-	୨୦.୫୦୦	୫୬,୩୭୫/-
୫.	୧୩୦୮୮୬୮୦୦୦୦୫୨	ସୌମ୍ୟ ରଞ୍ଜନ ଦାସ, ପିତା: ପ୍ରଫୁଲ୍ଲ ଦାସ, ସା: କାକଟପୁର	୩୪,୮୦୦/-	୧୪.୦୦୦	୩୮,୫୦୦/-
ପୁରୀ ଶାଖା					
୧.	୧୩୨୫୮୬୮୦୦୦୦୧୧	ଭାରତୀ କୁମାରୀ ଦାସ, ସ୍ୱାମୀ: ପ୍ରଶାନ୍ତ ଦାସ, ସା: ଗ୍ରାଣ୍ଡ ରୋଡ଼, ପୁରୀ	୨୭,୫୦୦/-	୧୧.୦୦୦	୩୦,୨୫୦/-
୨.	୧୩୨୫୮୬୮୦୦୦୦୨୩	ଶ୍ୟାମ ସୁନ୍ଦର ସାହୁ, ପିତା: ଲକ୍ଷ୍ମୀଧର ସାହୁ, ସା: ପୁରୀ	୪୬,୨୦୦/-	୧୮.୦୦୦	୪୯,୫୦୦/-
୩.	୧୩୨୫୮୬୮୦୦୦୦୩୫	ମନସ୍ମିତା ମହାପାତ୍ର, ସ୍ୱାମୀ: ଅଜୟ ମହାପାତ୍ର, ସା: ପୁରୀ	୩୮,୬୦୦/-	୧୫.୫୦୦	୪୨,୬୨୫/-
୪.	୧୩୨୫୮୬୮୦୦୦୦୪୭	ତ୍ରିଲୋଚନ ନାୟକ, ପିତା: ଦାମୋଦର ନାୟକ, ସା: ସ୍ୱର୍ଗଦ୍ୱାର, ପୁରୀ	୫୯,୩୦୦/-	୨୩.୫୦୦	୬୪,୬୨୫/-
୫.	୧୩୨୫୮୬୮୦୦୦୦୫୯	ସୁଚିତ୍ରା ପାଣିଗ୍ରାହୀ, ସ୍ୱାମୀ: ଦେବାଶିଷ ପାଣିଗ୍ରାହୀ, ସା: ପୁରୀ	୩୨,୧୦୦/-	୧୩.୦୦୦	୩୫,୭୫୦/-
୬.	୧୩୨୫୮୬୮୦୦୦୦୬୧	ଭଗବାନ ବେହେରା, ପିତା: ମଦନ ବେହେରା, ସା: ବାଲିଆପଣ୍ଡା, ପୁରୀ	୪୪,୮୦୦/-	୧୭.୫୦୦	୪୮,୧୨୫/-
୭.	୧୩୨୫୮୬୮୦୦୦୦୭୩	ଲିପିକା ଦାଶ, ସ୍ୱାମୀ: ସଞ୍ଜୀବ ଦାଶ, ସା: କୁମ୍ଭାରପଡ଼ା, ପୁରୀ	୨୯,୪୦୦/-	୧୨.୦୦୦	୩୩,୦୦୦/-
୮.	୧୩୨୫୮୬୮୦୦୦୦୮୫	ଦୀପକ ରଞ୍ଜନ ମିଶ୍ର, ପିତା: ପ୍ରଭାକର ମିଶ୍ର, ସା: ପୁରୀ	୫୧,୫୦୦/-	୨୦.୦୦୦	୫୫,୦୦୦/-
ଅବଶିଷ୍ଟାଂଶ ପରବର୍ତ୍ତୀ ପୃଷ୍ଠାରେ......
5
